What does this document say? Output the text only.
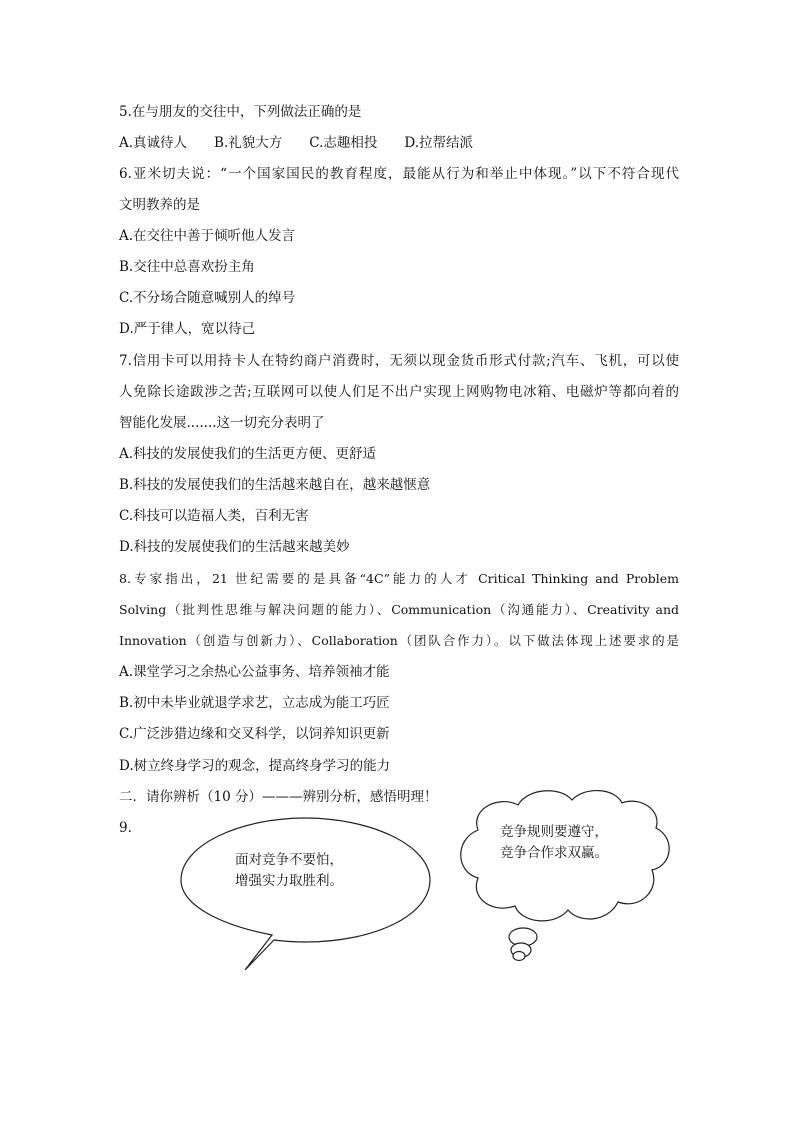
5.在与朋友的交往中，下列做法正确的是
A.真诚待人　　B.礼貌大方　　C.志趣相投　　D.拉帮结派
6.亚米切夫说：“一个国家国民的教育程度，最能从行为和举止中体现。”以下不符合现代
文明教养的是
A.在交往中善于倾听他人发言
B.交往中总喜欢扮主角
C.不分场合随意喊别人的绰号
D.严于律人，宽以待己
7.信用卡可以用持卡人在特约商户消费时，无须以现金货币形式付款;汽车、飞机，可以使
人免除长途跋涉之苦;互联网可以使人们足不出户实现上网购物电冰箱、电磁炉等都向着的
智能化发展.......这一切充分表明了
A.科技的发展使我们的生活更方便、更舒适
B.科技的发展使我们的生活越来越自在，越来越惬意
C.科技可以造福人类，百利无害
D.科技的发展使我们的生活越来越美妙
8.专家指出，21 世纪需要的是具备“4C”能力的人才 Critical Thinking and Problem
Solving（批判性思维与解决问题的能力）、Communication（沟通能力）、Creativity and
Innovation（创造与创新力）、Collaboration（团队合作力）。以下做法体现上述要求的是
A.课堂学习之余热心公益事务、培养领袖才能
B.初中未毕业就退学求艺，立志成为能工巧匠
C.广泛涉猎边缘和交叉科学，以饲养知识更新
D.树立终身学习的观念，提高终身学习的能力
二．请你辨析（10 分）———辨别分析，感悟明理！
9.
面对竞争不要怕，
增强实力取胜利。
竞争规则要遵守，
竞争合作求双赢。
